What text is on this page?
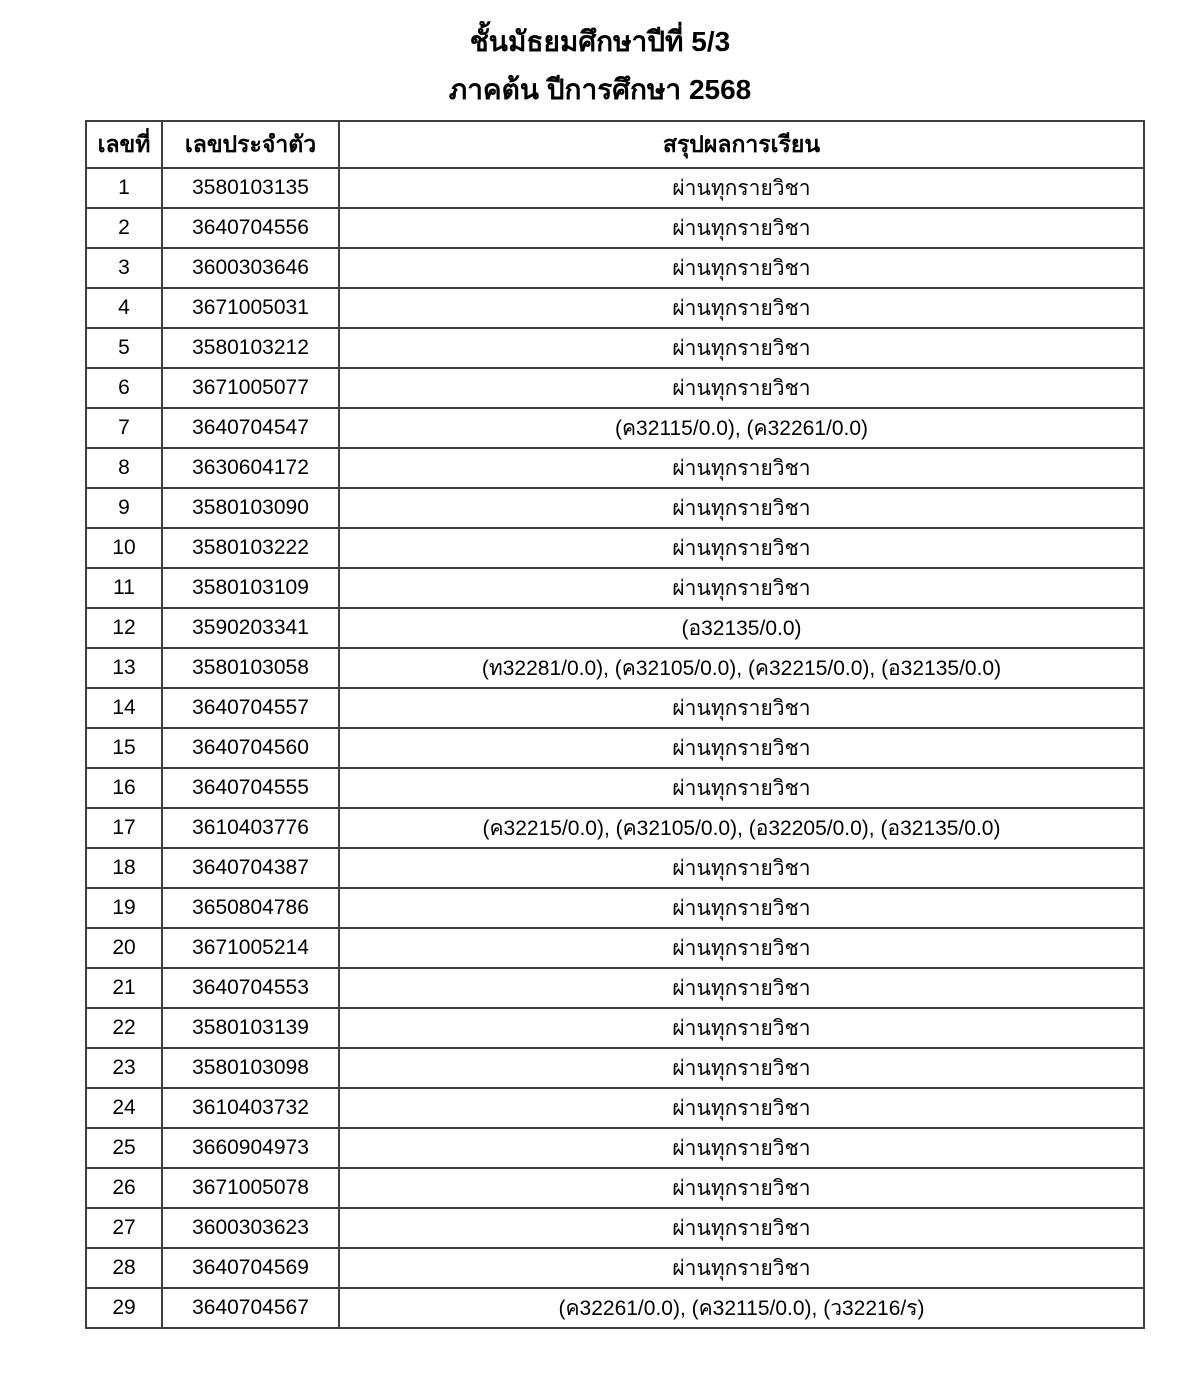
ชั้นมัธยมศึกษาปีที่ 5/3
ภาคต้น ปีการศึกษา 2568
เลขที่	เลขประจำตัว	สรุปผลการเรียน
1	3580103135	ผ่านทุกรายวิชา
2	3640704556	ผ่านทุกรายวิชา
3	3600303646	ผ่านทุกรายวิชา
4	3671005031	ผ่านทุกรายวิชา
5	3580103212	ผ่านทุกรายวิชา
6	3671005077	ผ่านทุกรายวิชา
7	3640704547	(ค32115/0.0), (ค32261/0.0)
8	3630604172	ผ่านทุกรายวิชา
9	3580103090	ผ่านทุกรายวิชา
10	3580103222	ผ่านทุกรายวิชา
11	3580103109	ผ่านทุกรายวิชา
12	3590203341	(อ32135/0.0)
13	3580103058	(ท32281/0.0), (ค32105/0.0), (ค32215/0.0), (อ32135/0.0)
14	3640704557	ผ่านทุกรายวิชา
15	3640704560	ผ่านทุกรายวิชา
16	3640704555	ผ่านทุกรายวิชา
17	3610403776	(ค32215/0.0), (ค32105/0.0), (อ32205/0.0), (อ32135/0.0)
18	3640704387	ผ่านทุกรายวิชา
19	3650804786	ผ่านทุกรายวิชา
20	3671005214	ผ่านทุกรายวิชา
21	3640704553	ผ่านทุกรายวิชา
22	3580103139	ผ่านทุกรายวิชา
23	3580103098	ผ่านทุกรายวิชา
24	3610403732	ผ่านทุกรายวิชา
25	3660904973	ผ่านทุกรายวิชา
26	3671005078	ผ่านทุกรายวิชา
27	3600303623	ผ่านทุกรายวิชา
28	3640704569	ผ่านทุกรายวิชา
29	3640704567	(ค32261/0.0), (ค32115/0.0), (ว32216/ร)
